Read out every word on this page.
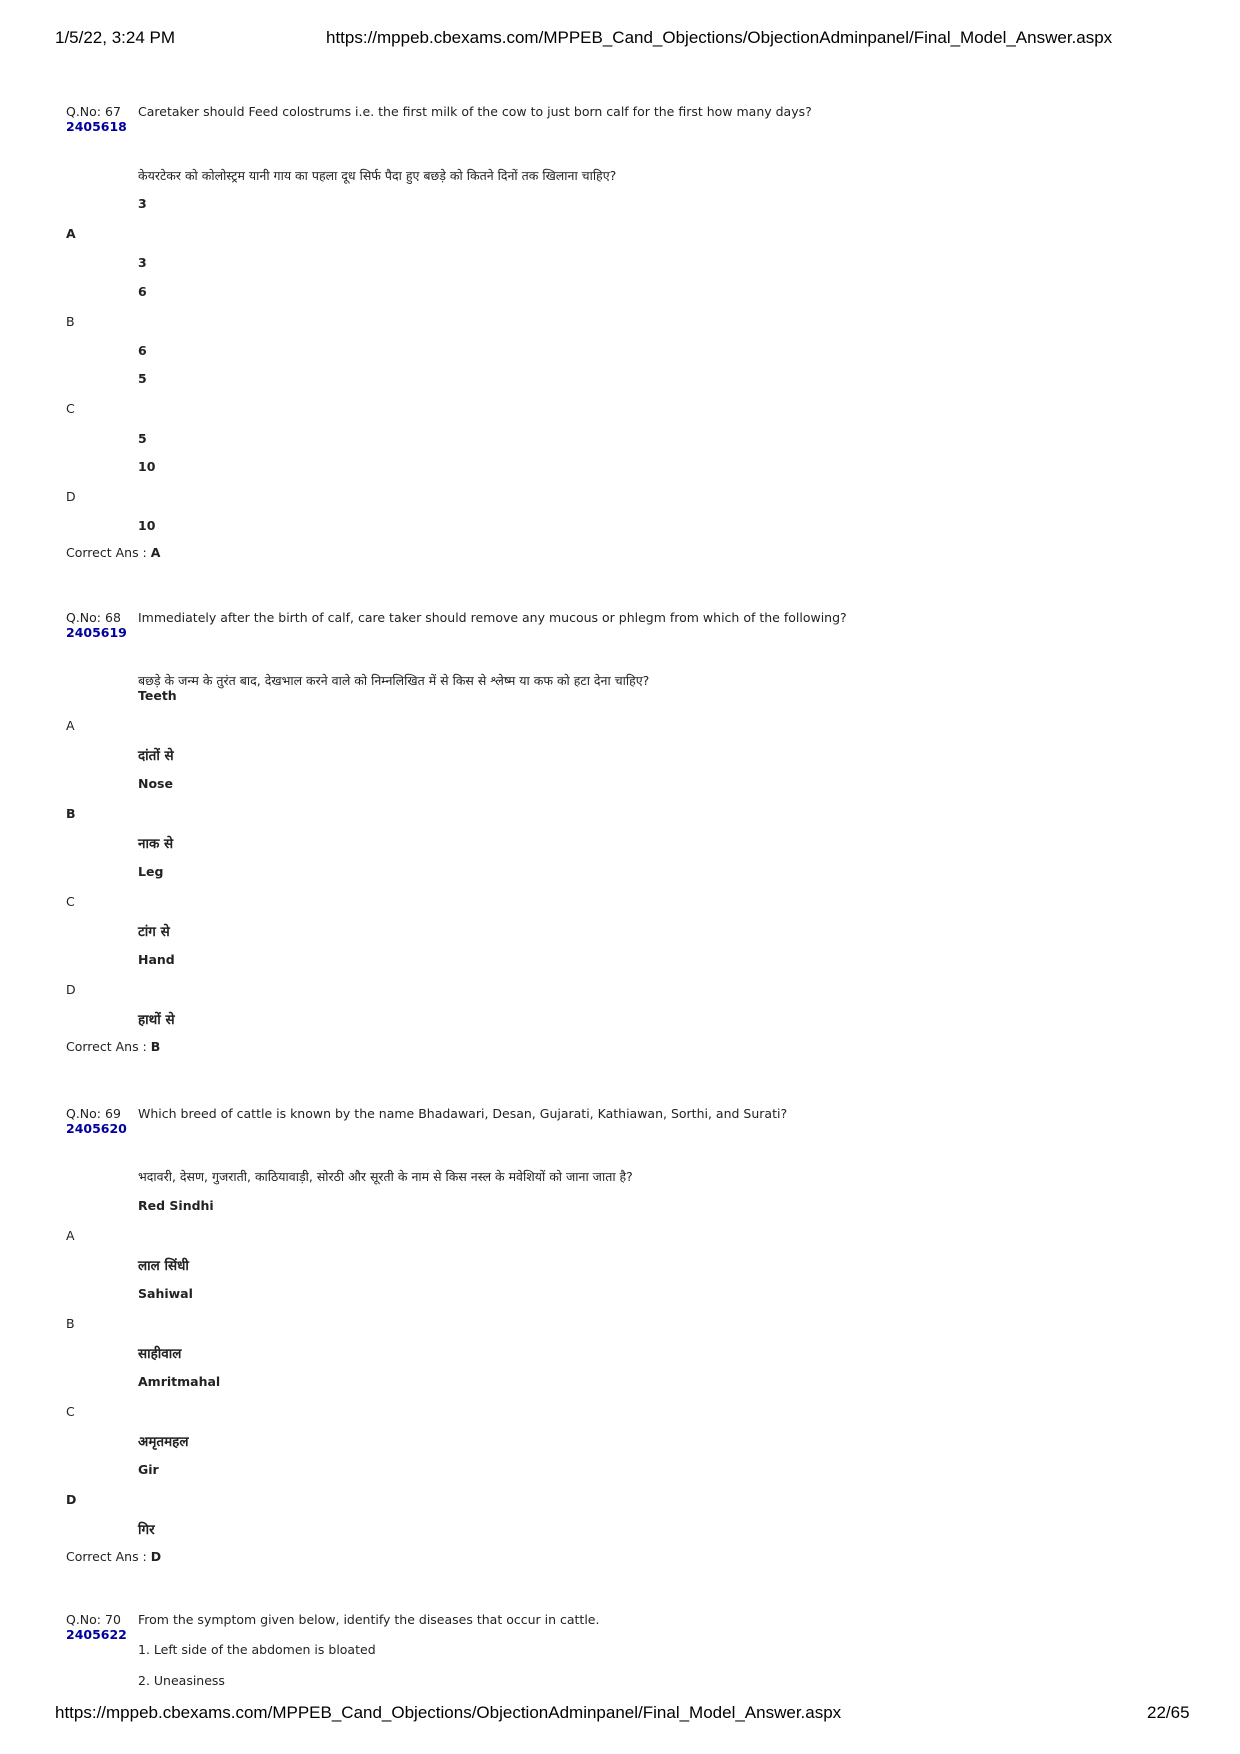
1/5/22, 3:24 PM	https://mppeb.cbexams.com/MPPEB_Cand_Objections/ObjectionAdminpanel/Final_Model_Answer.aspx
Q.No: 67
2405618
Caretaker should Feed colostrums i.e. the first milk of the cow to just born calf for the first how many days?
केयरटेकर को कोलोस्ट्रम यानी गाय का पहला दूध सिर्फ पैदा हुए बछड़े को कितने दिनों तक खिलाना चाहिए?
3
A
3
6
B
6
5
C
5
10
D
10
Correct Ans : A
Q.No: 68
2405619
Immediately after the birth of calf, care taker should remove any mucous or phlegm from which of the following?
बछड़े के जन्म के तुरंत बाद, देखभाल करने वाले को निम्नलिखित में से किस से श्लेष्म या कफ को हटा देना चाहिए?
Teeth
A
दांतों से
Nose
B
नाक से
Leg
C
टांग से
Hand
D
हाथों से
Correct Ans : B
Q.No: 69
2405620
Which breed of cattle is known by the name Bhadawari, Desan, Gujarati, Kathiawan, Sorthi, and Surati?
भदावरी, देसण, गुजराती, काठियावाड़ी, सोरठी और सूरती के नाम से किस नस्ल के मवेशियों को जाना जाता है?
Red Sindhi
A
लाल सिंधी
Sahiwal
B
साहीवाल
Amritmahal
C
अमृतमहल
Gir
D
गिर
Correct Ans : D
Q.No: 70
2405622
From the symptom given below, identify the diseases that occur in cattle.
1. Left side of the abdomen is bloated
2. Uneasiness
https://mppeb.cbexams.com/MPPEB_Cand_Objections/ObjectionAdminpanel/Final_Model_Answer.aspx	22/65
